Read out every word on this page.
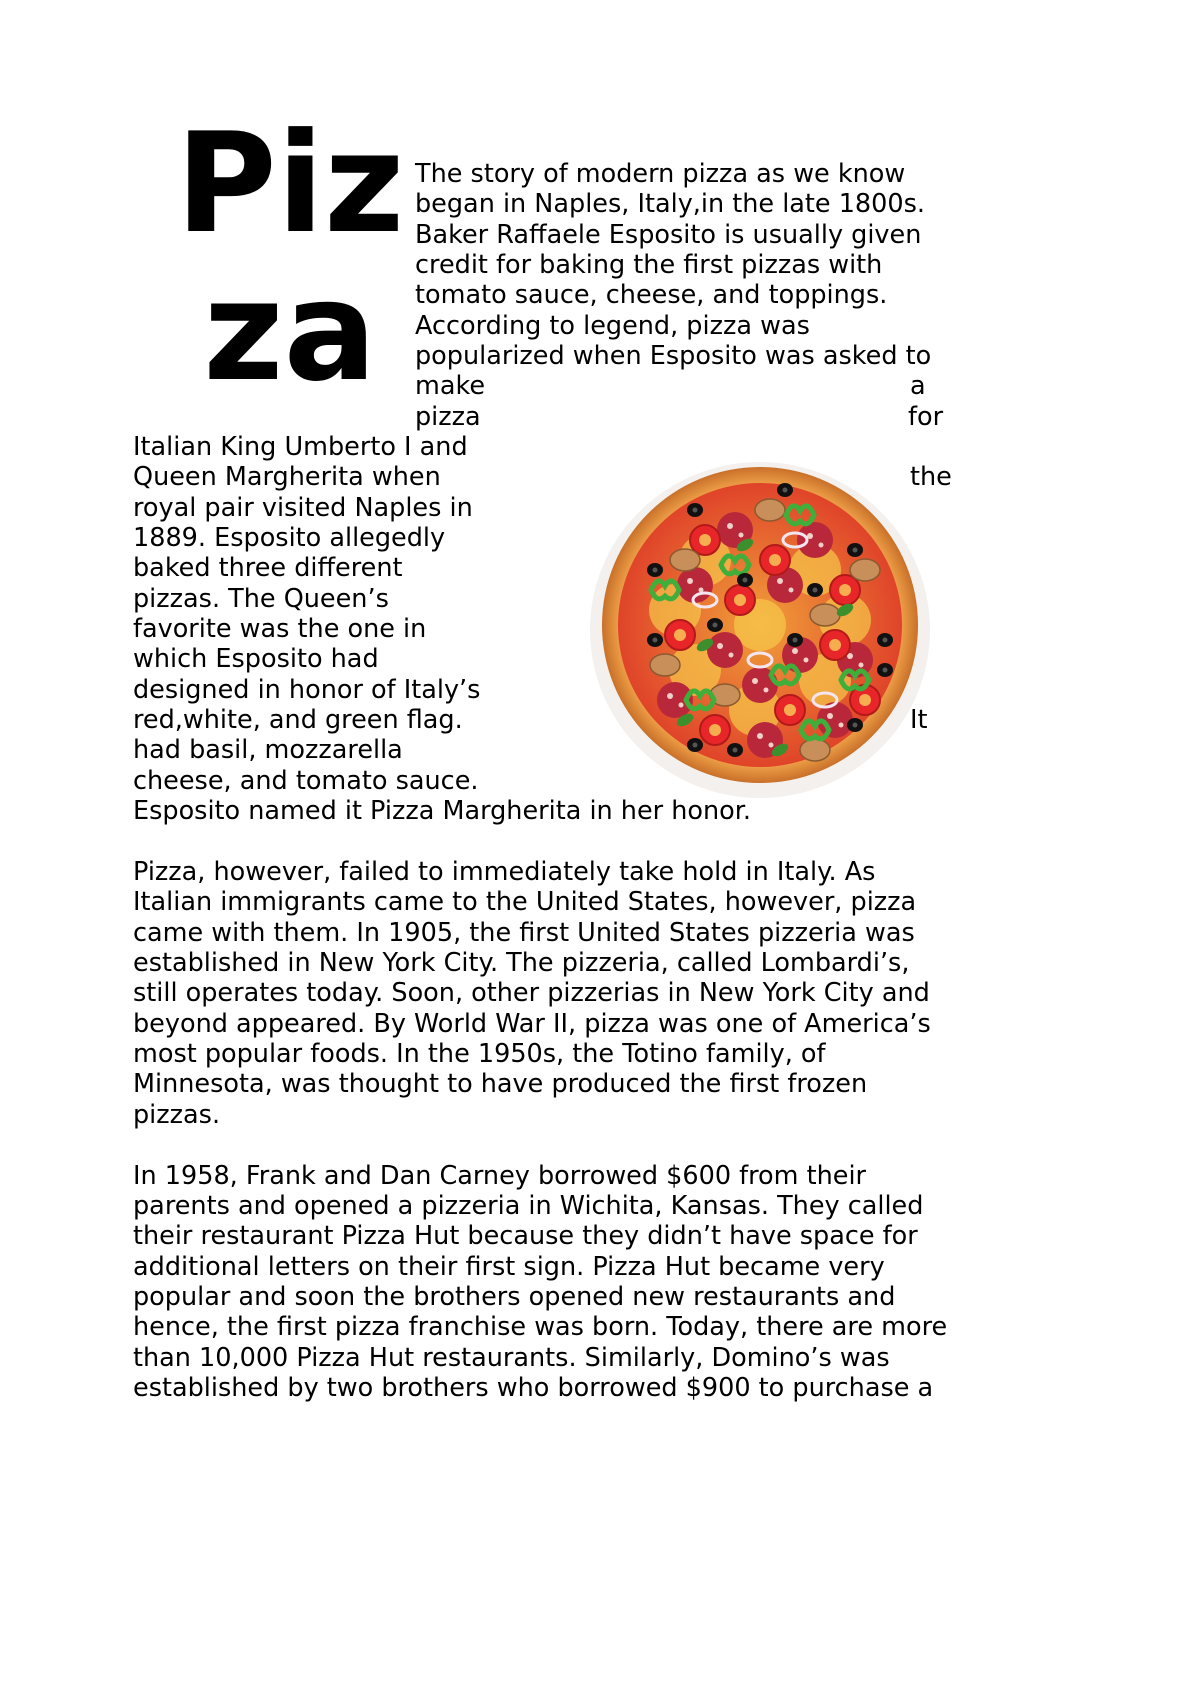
Piz
za
The story of modern pizza as we know
began in Naples, Italy,in the late 1800s.
Baker Raffaele Esposito is usually given
credit for baking the first pizzas with
tomato sauce, cheese, and toppings.
According to legend, pizza was
popularized when Esposito was asked to
make	a
pizza	for
Italian King Umberto I and
Queen Margherita when	the
royal pair visited Naples in
1889. Esposito allegedly
baked three different
pizzas. The Queen’s
favorite was the one in
which Esposito had
designed in honor of Italy’s
red,white, and green flag.	It
had basil, mozzarella
cheese, and tomato sauce.
Esposito named it Pizza Margherita in her honor.
Pizza, however, failed to immediately take hold in Italy. As
Italian immigrants came to the United States, however, pizza
came with them. In 1905, the first United States pizzeria was
established in New York City. The pizzeria, called Lombardi’s,
still operates today. Soon, other pizzerias in New York City and
beyond appeared. By World War II, pizza was one of America’s
most popular foods. In the 1950s, the Totino family, of
Minnesota, was thought to have produced the first frozen
pizzas.
In 1958, Frank and Dan Carney borrowed $600 from their
parents and opened a pizzeria in Wichita, Kansas. They called
their restaurant Pizza Hut because they didn’t have space for
additional letters on their first sign. Pizza Hut became very
popular and soon the brothers opened new restaurants and
hence, the first pizza franchise was born. Today, there are more
than 10,000 Pizza Hut restaurants. Similarly, Domino’s was
established by two brothers who borrowed $900 to purchase a
